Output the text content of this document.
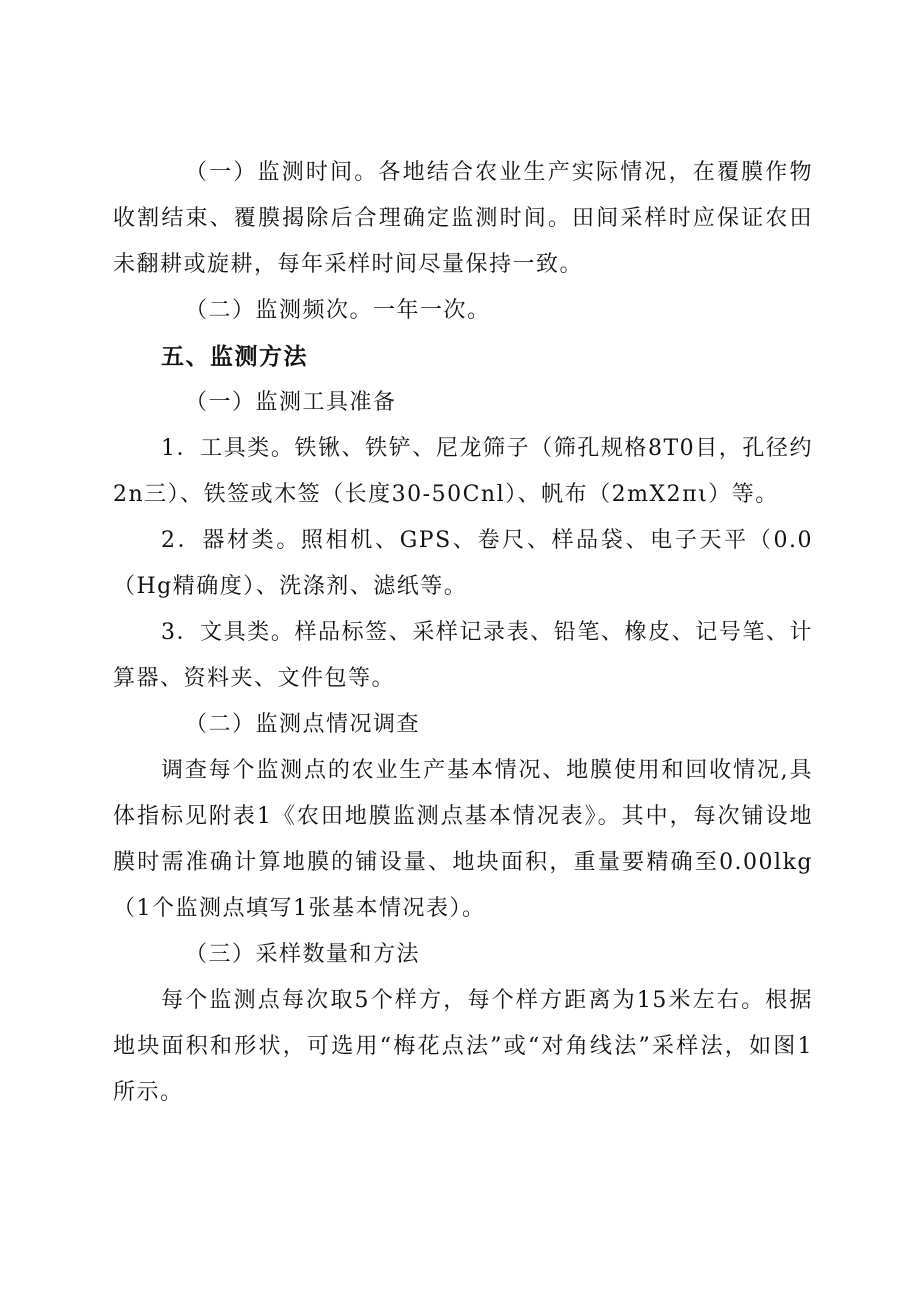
（一）监测时间。各地结合农业生产实际情况，在覆膜作物收割结束、覆膜揭除后合理确定监测时间。田间采样时应保证农田未翻耕或旋耕，每年采样时间尽量保持一致。

（二）监测频次。一年一次。

五、监测方法

（一）监测工具准备

1．工具类。铁锹、铁铲、尼龙筛子（筛孔规格8T0目，孔径约2n三）、铁签或木签（长度30-50Cnl）、帆布（2mX2πι）等。

2．器材类。照相机、GPS、卷尺、样品袋、电子天平（0.0（Hg精确度）、洗涤剂、滤纸等。

3．文具类。样品标签、采样记录表、铅笔、橡皮、记号笔、计算器、资料夹、文件包等。

（二）监测点情况调查

调查每个监测点的农业生产基本情况、地膜使用和回收情况,具体指标见附表1《农田地膜监测点基本情况表》。其中，每次铺设地膜时需准确计算地膜的铺设量、地块面积，重量要精确至0.00lkg（1个监测点填写1张基本情况表）。

（三）采样数量和方法

每个监测点每次取5个样方，每个样方距离为15米左右。根据地块面积和形状，可选用“梅花点法”或“对角线法”采样法，如图1所示。
